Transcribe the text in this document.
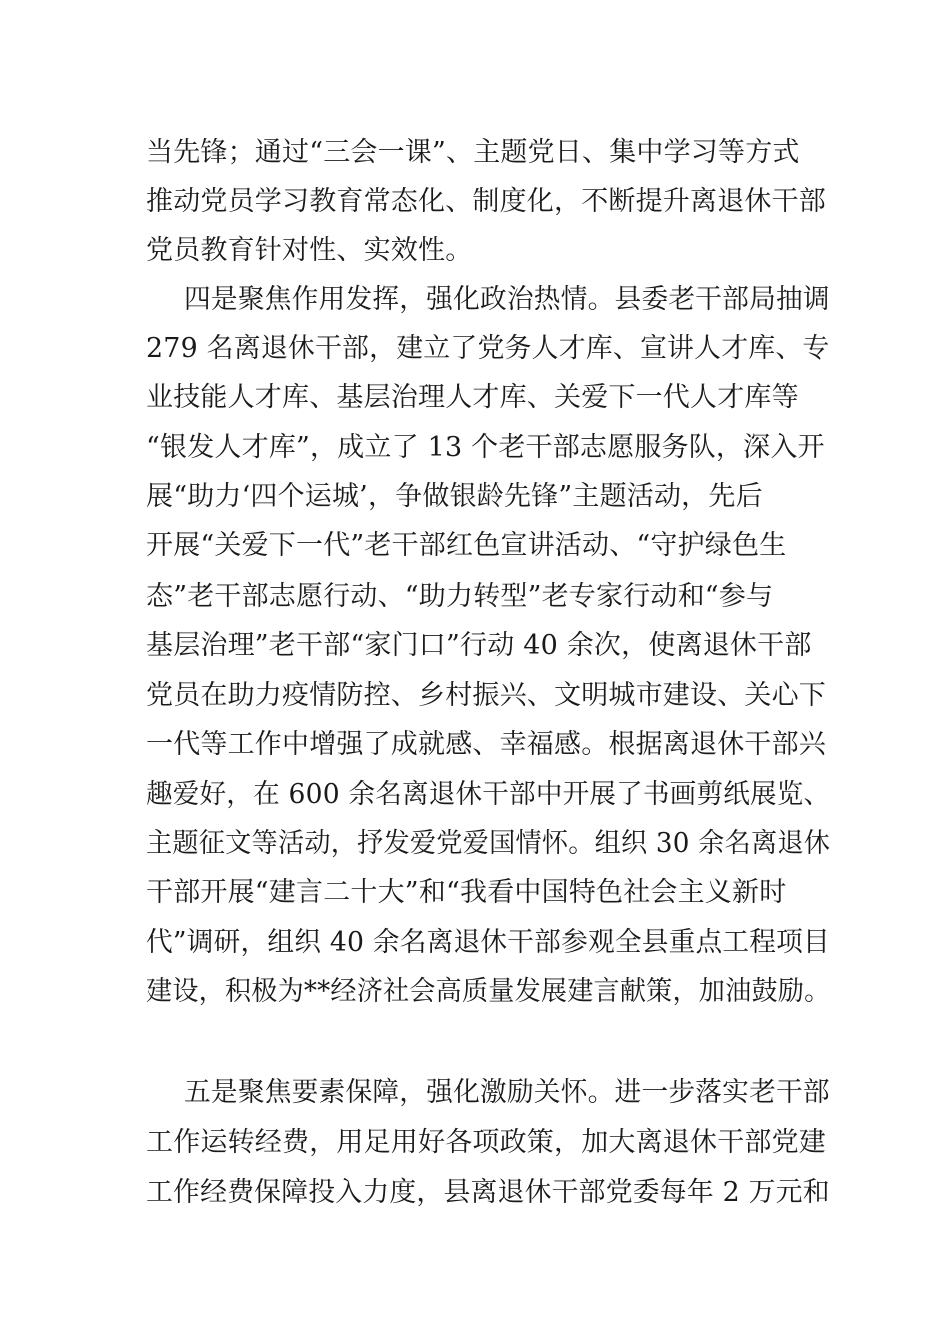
当先锋；通过“三会一课”、主题党日、集中学习等方式
推动党员学习教育常态化、制度化，不断提升离退休干部
党员教育针对性、实效性。
四是聚焦作用发挥，强化政治热情。县委老干部局抽调
279 名离退休干部，建立了党务人才库、宣讲人才库、专
业技能人才库、基层治理人才库、关爱下一代人才库等
“银发人才库”，成立了 13 个老干部志愿服务队，深入开
展“助力‘四个运城’，争做银龄先锋”主题活动，先后
开展“关爱下一代”老干部红色宣讲活动、“守护绿色生
态”老干部志愿行动、“助力转型”老专家行动和“参与
基层治理”老干部“家门口”行动 40 余次，使离退休干部
党员在助力疫情防控、乡村振兴、文明城市建设、关心下
一代等工作中增强了成就感、幸福感。根据离退休干部兴
趣爱好，在 600 余名离退休干部中开展了书画剪纸展览、
主题征文等活动，抒发爱党爱国情怀。组织 30 余名离退休
干部开展“建言二十大”和“我看中国特色社会主义新时
代”调研，组织 40 余名离退休干部参观全县重点工程项目
建设，积极为**经济社会高质量发展建言献策，加油鼓励。
五是聚焦要素保障，强化激励关怀。进一步落实老干部
工作运转经费，用足用好各项政策，加大离退休干部党建
工作经费保障投入力度，县离退休干部党委每年 2 万元和
